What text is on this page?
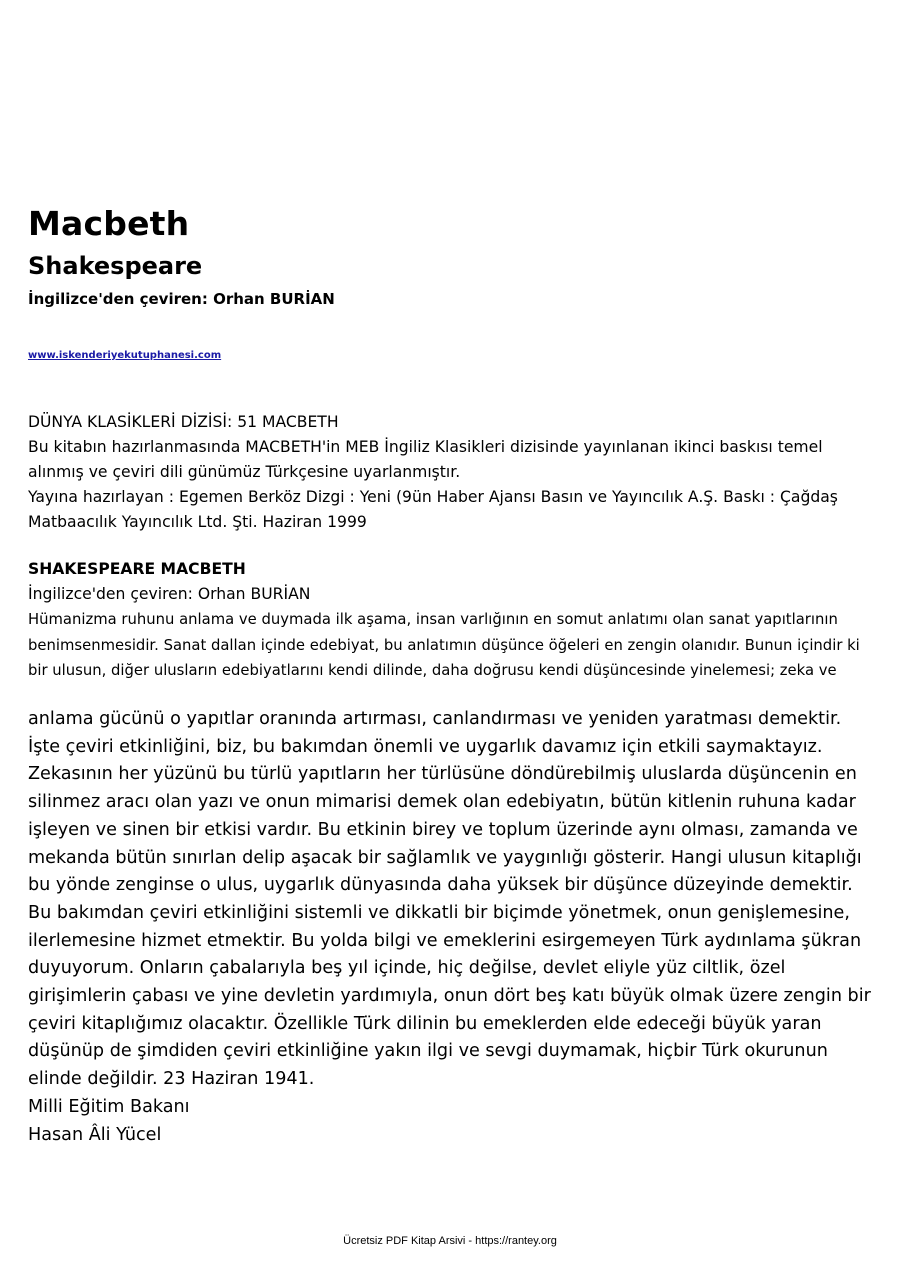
Macbeth
Shakespeare
İngilizce'den çeviren: Orhan BURİAN
www.iskenderiyekutuphanesi.com

DÜNYA KLASİKLERİ DİZİSİ: 51 MACBETH

Bu kitabın hazırlanmasında MACBETH'in MEB İngiliz Klasikleri dizisinde yayınlanan ikinci baskısı temel alınmış ve çeviri dili günümüz Türkçesine uyarlanmıştır.

Yayına hazırlayan : Egemen Berköz Dizgi : Yeni (9ün Haber Ajansı Basın ve Yayıncılık A.Ş. Baskı : Çağdaş Matbaacılık Yayıncılık Ltd. Şti. Haziran 1999

SHAKESPEARE MACBETH

İngilizce'den çeviren: Orhan BURİAN

Hümanizma ruhunu anlama ve duymada ilk aşama, insan varlığının en somut anlatımı olan sanat yapıtlarının benimsenmesidir. Sanat dallan içinde edebiyat, bu anlatımın düşünce öğeleri en zengin olanıdır. Bunun içindir ki bir ulusun, diğer ulusların edebiyatlarını kendi dilinde, daha doğrusu kendi düşüncesinde yinelemesi; zeka ve

anlama gücünü o yapıtlar oranında artırması, canlandırması ve yeniden yaratması demektir. İşte çeviri etkinliğini, biz, bu bakımdan önemli ve uygarlık davamız için etkili saymaktayız. Zekasının her yüzünü bu türlü yapıtların her türlüsüne döndürebilmiş uluslarda düşüncenin en silinmez aracı olan yazı ve onun mimarisi demek olan edebiyatın, bütün kitlenin ruhuna kadar işleyen ve sinen bir etkisi vardır. Bu etkinin birey ve toplum üzerinde aynı olması, zamanda ve mekanda bütün sınırlan delip aşacak bir sağlamlık ve yaygınlığı gösterir. Hangi ulusun kitaplığı bu yönde zenginse o ulus, uygarlık dünyasında daha yüksek bir düşünce düzeyinde demektir. Bu bakımdan çeviri etkinliğini sistemli ve dikkatli bir biçimde yönetmek, onun genişlemesine, ilerlemesine hizmet etmektir. Bu yolda bilgi ve emeklerini esirgemeyen Türk aydınlama şükran duyuyorum. Onların çabalarıyla beş yıl içinde, hiç değilse, devlet eliyle yüz ciltlik, özel girişimlerin çabası ve yine devletin yardımıyla, onun dört beş katı büyük olmak üzere zengin bir çeviri kitaplığımız olacaktır. Özellikle Türk dilinin bu emeklerden elde edeceği büyük yaran düşünüp de şimdiden çeviri etkinliğine yakın ilgi ve sevgi duymamak, hiçbir Türk okurunun elinde değildir. 23 Haziran 1941.

Milli Eğitim Bakanı

Hasan Âli Yücel

Ücretsiz PDF Kitap Arsivi - https://rantey.org
